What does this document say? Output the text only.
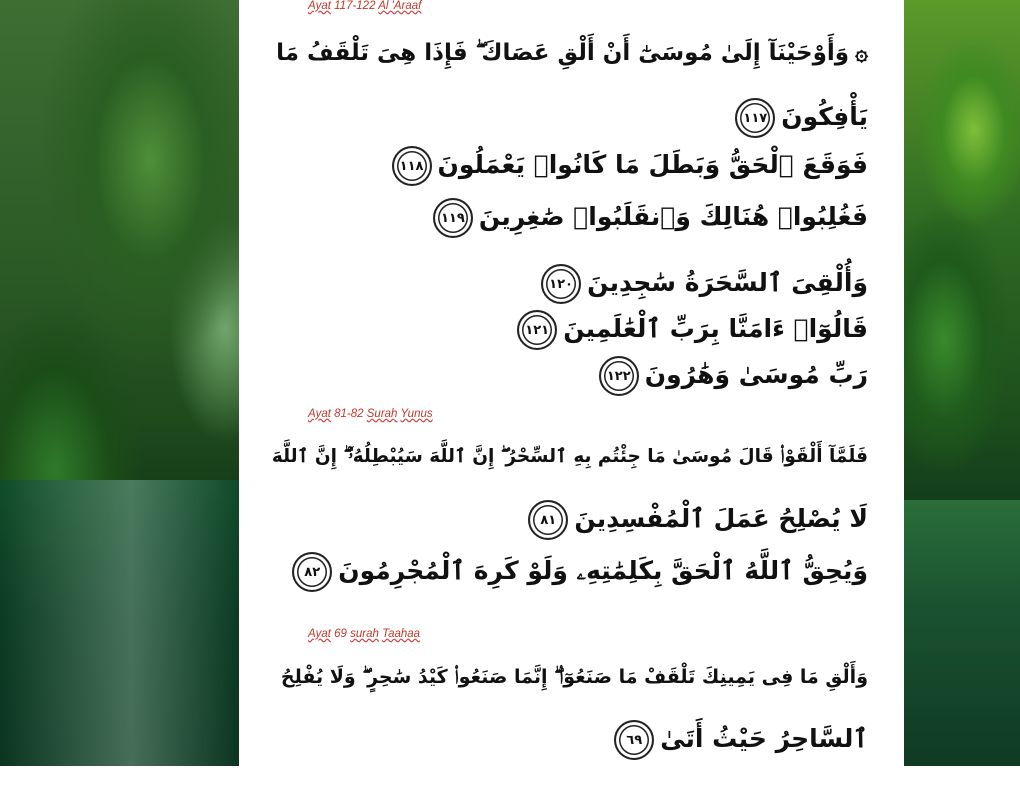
Ayat 117-122 Al 'Araaf
۞وَأَوْحَيْنَآ إِلَىٰ مُوسَىٰٓ أَنْ أَلْقِ عَصَاكَ ۖ فَإِذَا هِىَ تَلْقَفُ مَا
يَأْفِكُونَ١١٧
فَوَقَعَ ٱلْحَقُّ وَبَطَلَ مَا كَانُوا۟ يَعْمَلُونَ١١٨
فَغُلِبُوا۟ هُنَالِكَ وَٱنقَلَبُوا۟ صَٰغِرِينَ١١٩
وَأُلْقِىَ ٱلسَّحَرَةُ سَٰجِدِينَ١٢٠
قَالُوٓا۟ ءَامَنَّا بِرَبِّ ٱلْعَٰلَمِينَ١٢١
رَبِّ مُوسَىٰ وَهَٰرُونَ١٢٢
Ayat 81-82 Surah Yunus
فَلَمَّآ أَلْقَوْا۟ قَالَ مُوسَىٰ مَا جِئْتُم بِهِ ٱلسِّحْرُ ۖ إِنَّ ٱللَّهَ سَيُبْطِلُهُۥٓ ۖ إِنَّ ٱللَّهَ
لَا يُصْلِحُ عَمَلَ ٱلْمُفْسِدِينَ٨١
وَيُحِقُّ ٱللَّهُ ٱلْحَقَّ بِكَلِمَٰتِهِۦ وَلَوْ كَرِهَ ٱلْمُجْرِمُونَ٨٢
Ayat 69 surah Taahaa
وَأَلْقِ مَا فِى يَمِينِكَ تَلْقَفْ مَا صَنَعُوٓا۟ ۖ إِنَّمَا صَنَعُوا۟ كَيْدُ سَٰحِرٍ ۖ وَلَا يُفْلِحُ
ٱلسَّاحِرُ حَيْثُ أَتَىٰ٦٩
